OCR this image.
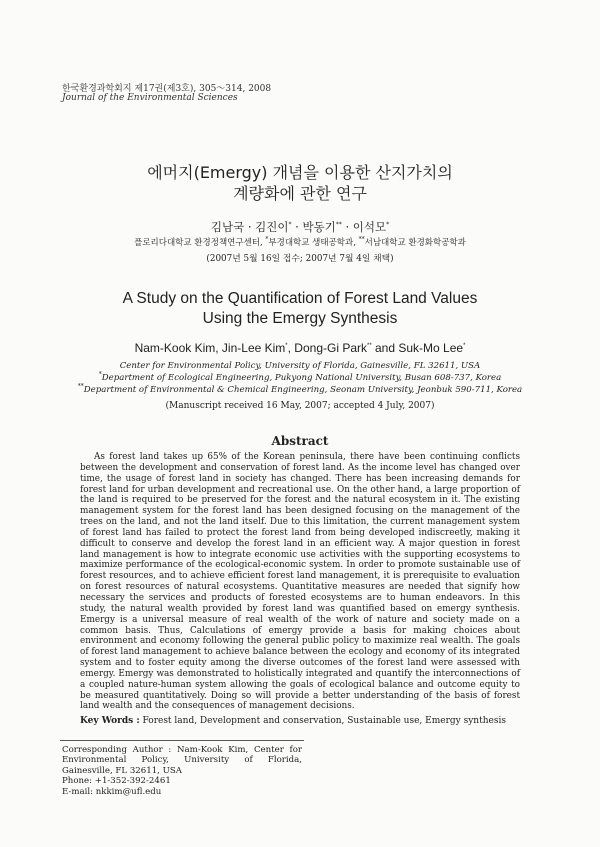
한국환경과학회지 제17권(제3호), 305～314, 2008
Journal of the Environmental Sciences
에머지(Emergy) 개념을 이용한 산지가치의
계량화에 관한 연구
김남국 · 김진이* · 박동기** · 이석모*
플로리다대학교 환경정책연구센터, *부경대학교 생태공학과, **서남대학교 환경화학공학과
(2007년 5월 16일 접수; 2007년 7월 4일 채택)
A Study on the Quantification of Forest Land Values
Using the Emergy Synthesis
Nam-Kook Kim, Jin-Lee Kim*, Dong-Gi Park** and Suk-Mo Lee*
Center for Environmental Policy, University of Florida, Gainesville, FL 32611, USA
*Department of Ecological Engineering, Pukyong National University, Busan 608-737, Korea
**Department of Environmental & Chemical Engineering, Seonam University, Jeonbuk 590-711, Korea
(Manuscript received 16 May, 2007; accepted 4 July, 2007)
Abstract
As forest land takes up 65% of the Korean peninsula, there have been continuing conflicts between the development and conservation of forest land. As the income level has changed over time, the usage of forest land in society has changed. There has been increasing demands for forest land for urban development and recreational use. On the other hand, a large proportion of the land is required to be preserved for the forest and the natural ecosystem in it. The existing management system for the forest land has been designed focusing on the management of the trees on the land, and not the land itself. Due to this limitation, the current management system of forest land has failed to protect the forest land from being developed indiscreetly, making it difficult to conserve and develop the forest land in an efficient way. A major question in forest land management is how to integrate economic use activities with the supporting ecosystems to maximize performance of the ecological-economic system. In order to promote sustainable use of forest resources, and to achieve efficient forest land management, it is prerequisite to evaluation on forest resources of natural ecosystems. Quantitative measures are needed that signify how necessary the services and products of forested ecosystems are to human endeavors. In this study, the natural wealth provided by forest land was quantified based on emergy synthesis. Emergy is a universal measure of real wealth of the work of nature and society made on a common basis. Thus, Calculations of emergy provide a basis for making choices about environment and economy following the general public policy to maximize real wealth. The goals of forest land management to achieve balance between the ecology and economy of its integrated system and to foster equity among the diverse outcomes of the forest land were assessed with emergy. Emergy was demonstrated to holistically integrated and quantify the interconnections of a coupled nature-human system allowing the goals of ecological balance and outcome equity to be measured quantitatively. Doing so will provide a better understanding of the basis of forest land wealth and the consequences of management decisions.
Key Words : Forest land, Development and conservation, Sustainable use, Emergy synthesis
Corresponding Author : Nam-Kook Kim, Center for Environmental Policy, University of Florida, Gainesville, FL 32611, USA
Phone: +1-352-392-2461
E-mail: nkkim@ufl.edu
